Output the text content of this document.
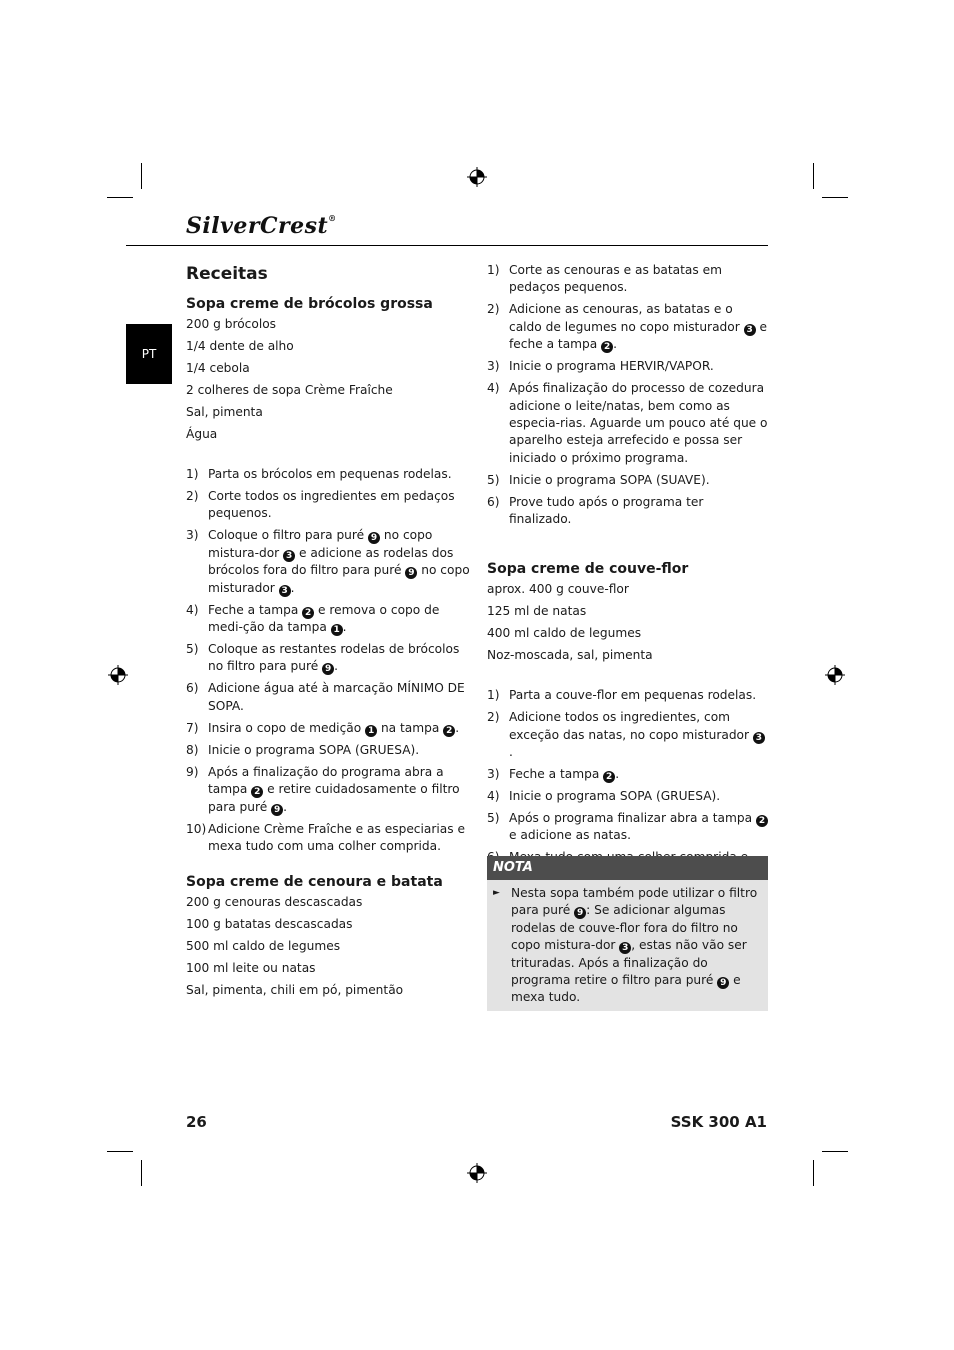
SilverCrest®
PT
Receitas
Sopa creme de brócolos grossa
200 g brócolos
1/4 dente de alho
1/4 cebola
2 colheres de sopa Crème Fraîche
Sal, pimenta
Água
1) Parta os brócolos em pequenas rodelas.
2) Corte todos os ingredientes em pedaços pequenos.
3) Coloque o filtro para puré 9 no copo mistura-dor 3 e adicione as rodelas dos brócolos fora do filtro para puré 9 no copo misturador 3 .
4) Feche a tampa 2 e remova o copo de medi-ção da tampa 1 .
5) Coloque as restantes rodelas de brócolos no filtro para puré 9 .
6) Adicione água até à marcação MÍNIMO DE SOPA.
7) Insira o copo de medição 1 na tampa 2 .
8) Inicie o programa SOPA (GRUESA).
9) Após a finalização do programa abra a tampa 2 e retire cuidadosamente o filtro para puré 9 .
10) Adicione Crème Fraîche e as especiarias e mexa tudo com uma colher comprida.
Sopa creme de cenoura e batata
200 g cenouras descascadas
100 g batatas descascadas
500 ml caldo de legumes
100 ml leite ou natas
Sal, pimenta, chili em pó, pimentão
1) Corte as cenouras e as batatas em pedaços pequenos.
2) Adicione as cenouras, as batatas e o caldo de legumes no copo misturador 3 e feche a tampa 2 .
3) Inicie o programa HERVIR/VAPOR.
4) Após finalização do processo de cozedura adicione o leite/natas, bem como as especia-rias. Aguarde um pouco até que o aparelho esteja arrefecido e possa ser iniciado o próximo programa.
5) Inicie o programa SOPA (SUAVE).
6) Prove tudo após o programa ter finalizado.
Sopa creme de couve-flor
aprox. 400 g couve-flor
125 ml de natas
400 ml caldo de legumes
Noz-moscada, sal, pimenta
1) Parta a couve-flor em pequenas rodelas.
2) Adicione todos os ingredientes, com exceção das natas, no copo misturador 3.
3) Feche a tampa 2 .
4) Inicie o programa SOPA (GRUESA).
5) Após o programa finalizar abra a tampa 2 e adicione as natas.
NOTA
► Nesta sopa também pode utilizar o filtro para puré 9 : Se adicionar algumas rodelas de couve-flor fora do filtro no copo mistura-dor 3 , estas não vão ser trituradas. Após a finalização do programa retire o filtro para puré 9 e mexa tudo.
26	SSK 300 A1
